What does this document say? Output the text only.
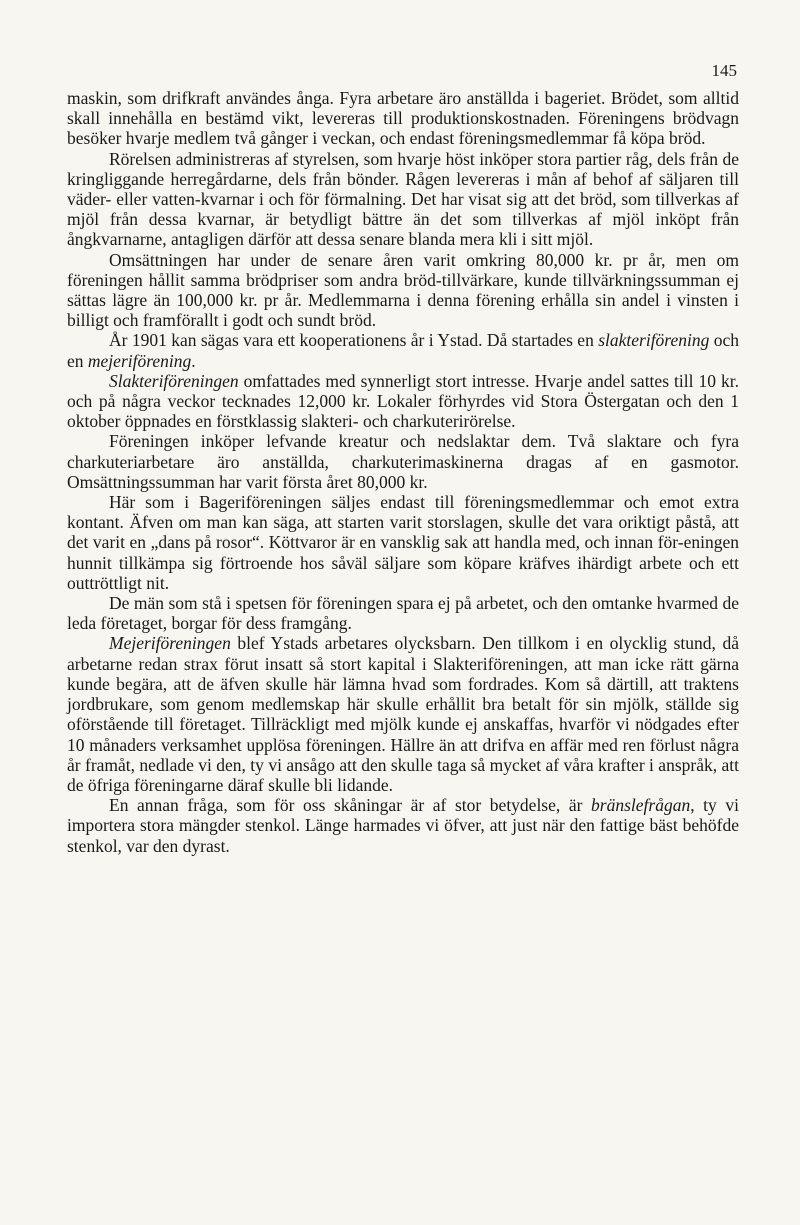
145

maskin, som drifkraft användes ånga. Fyra arbetare äro anställda i bageriet. Brödet, som alltid skall innehålla en bestämd vikt, levereras till produktionskostnaden. Föreningens brödvagn besöker hvarje medlem två gånger i veckan, och endast föreningsmedlemmar få köpa bröd.

Rörelsen administreras af styrelsen, som hvarje höst inköper stora partier råg, dels från de kringliggande herregårdarne, dels från bönder. Rågen levereras i mån af behof af säljaren till väder- eller vatten-kvarnar i och för förmalning. Det har visat sig att det bröd, som tillverkas af mjöl från dessa kvarnar, är betydligt bättre än det som tillverkas af mjöl inköpt från ångkvarnarne, antagligen därför att dessa senare blanda mera kli i sitt mjöl.

Omsättningen har under de senare åren varit omkring 80,000 kr. pr år, men om föreningen hållit samma brödpriser som andra bröd-tillvärkare, kunde tillvärkningssumman ej sättas lägre än 100,000 kr. pr år. Medlemmarna i denna förening erhålla sin andel i vinsten i billigt och framförallt i godt och sundt bröd.

År 1901 kan sägas vara ett kooperationens år i Ystad. Då startades en slakteriförening och en mejeriförening.

Slakteriföreningen omfattades med synnerligt stort intresse. Hvarje andel sattes till 10 kr. och på några veckor tecknades 12,000 kr. Lokaler förhyrdes vid Stora Östergatan och den 1 oktober öppnades en förstklassig slakteri- och charkuterirörelse.

Föreningen inköper lefvande kreatur och nedslaktar dem. Två slaktare och fyra charkuteriarbetare äro anställda, charkuterimaskinerna dragas af en gasmotor. Omsättningssumman har varit första året 80,000 kr.

Här som i Bageriföreningen säljes endast till föreningsmedlemmar och emot extra kontant. Äfven om man kan säga, att starten varit storslagen, skulle det vara oriktigt påstå, att det varit en „dans på rosor“. Köttvaror är en vansklig sak att handla med, och innan för-eningen hunnit tillkämpa sig förtroende hos såväl säljare som köpare kräfves ihärdigt arbete och ett outtröttligt nit.

De män som stå i spetsen för föreningen spara ej på arbetet, och den omtanke hvarmed de leda företaget, borgar för dess framgång.

Mejeriföreningen blef Ystads arbetares olycksbarn. Den tillkom i en olycklig stund, då arbetarne redan strax förut insatt så stort kapital i Slakteriföreningen, att man icke rätt gärna kunde begära, att de äfven skulle här lämna hvad som fordrades. Kom så därtill, att traktens jordbrukare, som genom medlemskap här skulle erhållit bra betalt för sin mjölk, ställde sig oförstående till företaget. Tillräckligt med mjölk kunde ej anskaffas, hvarför vi nödgades efter 10 månaders verksamhet upplösa föreningen. Hällre än att drifva en affär med ren förlust några år framåt, nedlade vi den, ty vi ansågo att den skulle taga så mycket af våra krafter i anspråk, att de öfriga föreningarne däraf skulle bli lidande.

En annan fråga, som för oss skåningar är af stor betydelse, är bränslefrågan, ty vi importera stora mängder stenkol. Länge harmades vi öfver, att just när den fattige bäst behöfde stenkol, var den dyrast.
